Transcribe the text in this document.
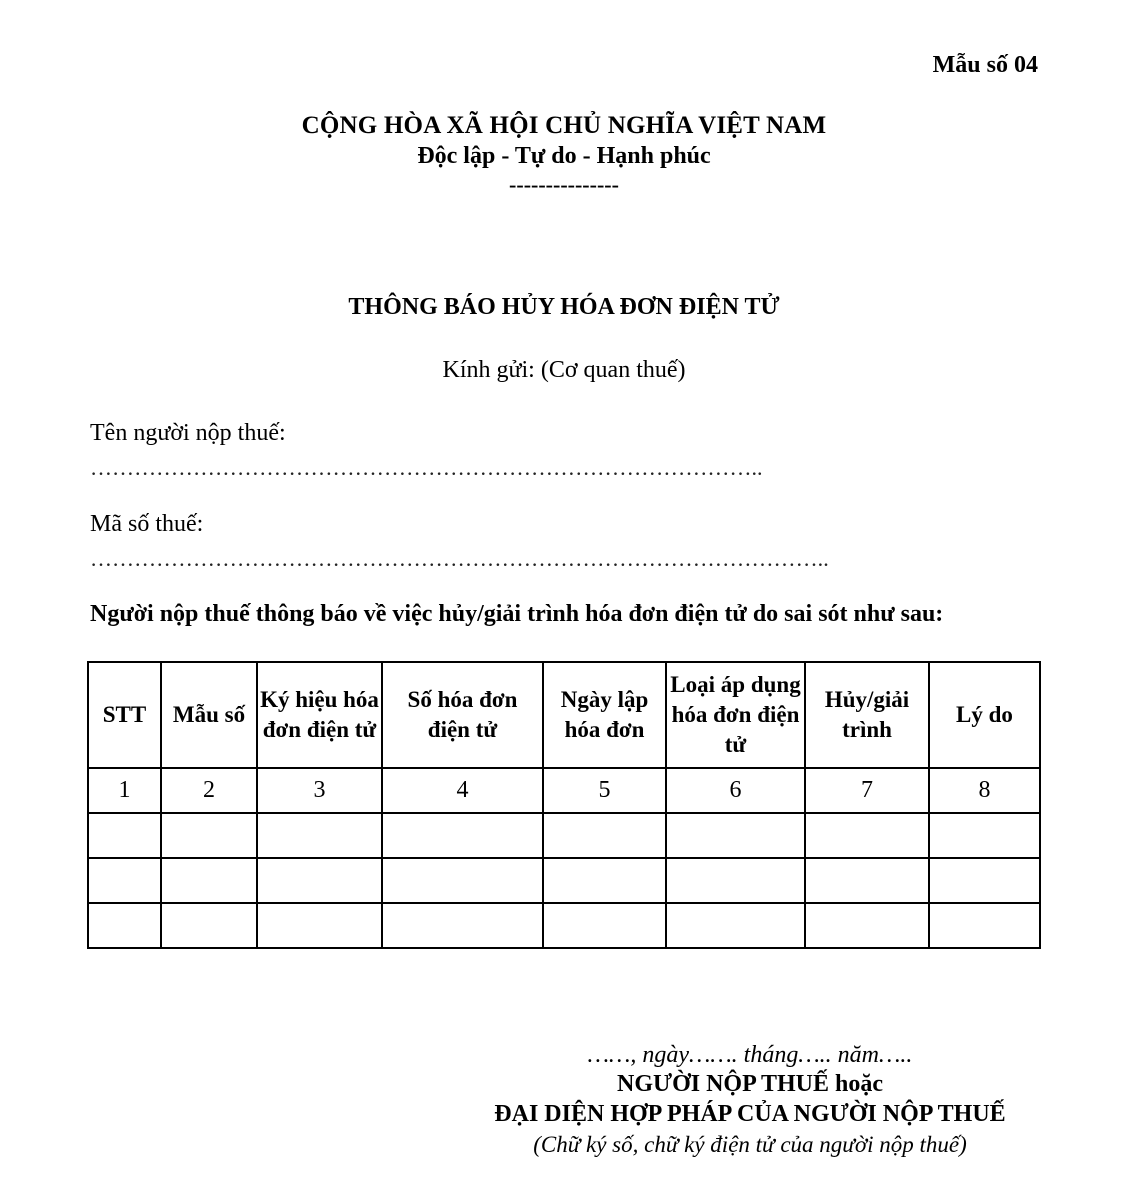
Mẫu số 04
CỘNG HÒA XÃ HỘI CHỦ NGHĨA VIỆT NAM
Độc lập - Tự do - Hạnh phúc
---------------
THÔNG BÁO HỦY HÓA ĐƠN ĐIỆN TỬ
Kính gửi: (Cơ quan thuế)
Tên người nộp thuế:
………………………………………………………………………………..
Mã số thuế:
………………………………………………………………………………………..
Người nộp thuế thông báo về việc hủy/giải trình hóa đơn điện tử do sai sót như sau:
STT	Mẫu số	Ký hiệu hóa đơn điện tử	Số hóa đơn điện tử	Ngày lập hóa đơn	Loại áp dụng hóa đơn điện tử	Hủy/giải trình	Lý do
1	2	3	4	5	6	7	8

……, ngày……. tháng….. năm…..
NGƯỜI NỘP THUẾ hoặc
ĐẠI DIỆN HỢP PHÁP CỦA NGƯỜI NỘP THUẾ
(Chữ ký số, chữ ký điện tử của người nộp thuế)
